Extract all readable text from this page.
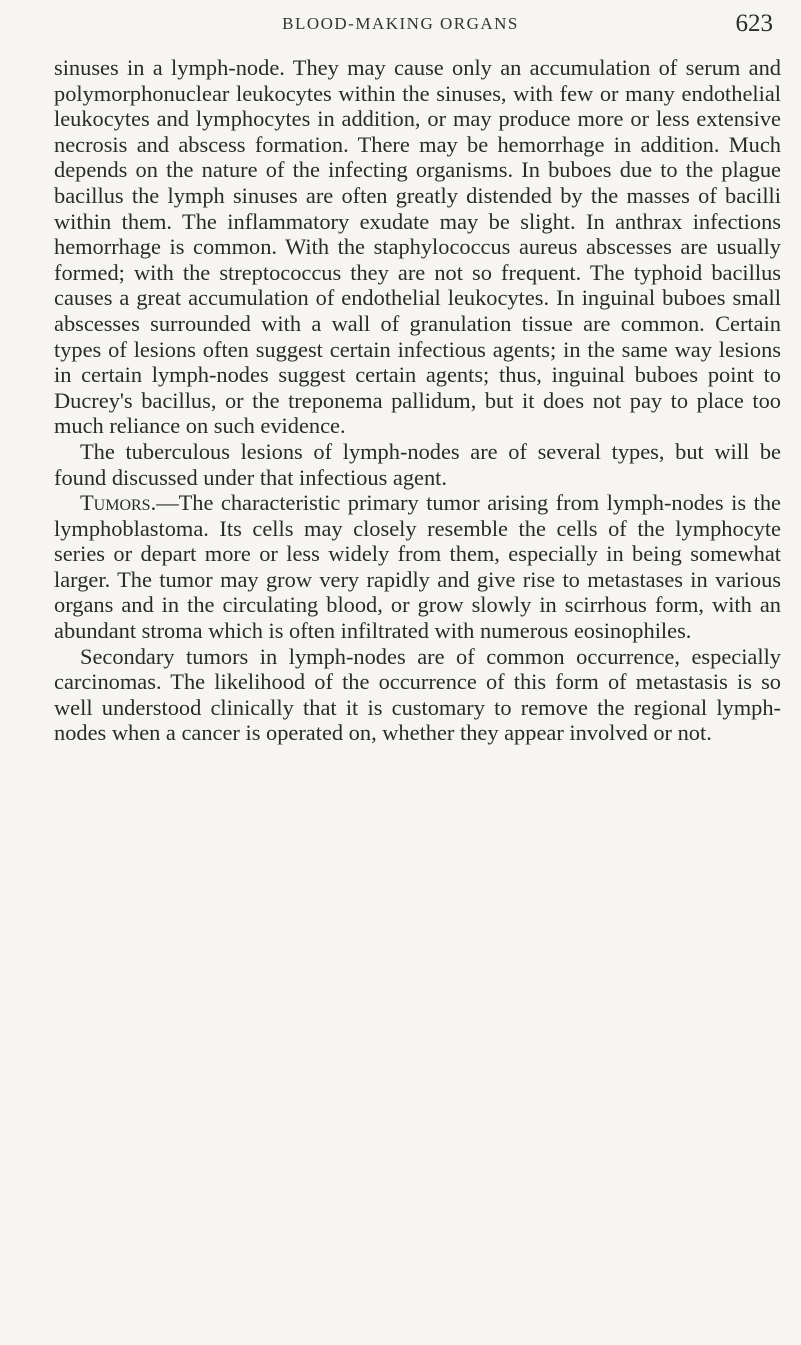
BLOOD-MAKING ORGANS	623

sinuses in a lymph-node. They may cause only an accumulation of serum and polymorphonuclear leukocytes within the sinuses, with few or many endothelial leukocytes and lymphocytes in addition, or may produce more or less extensive necrosis and abscess formation. There may be hemorrhage in addition. Much depends on the nature of the infecting organisms. In buboes due to the plague bacillus the lymph sinuses are often greatly distended by the masses of bacilli within them. The inflammatory exudate may be slight. In anthrax infections hemorrhage is common. With the staphylococcus aureus abscesses are usually formed; with the streptococcus they are not so frequent. The typhoid bacillus causes a great accumulation of endothelial leukocytes. In inguinal buboes small abscesses surrounded with a wall of granulation tissue are common. Certain types of lesions often suggest certain infectious agents; in the same way lesions in certain lymph-nodes suggest certain agents; thus, inguinal buboes point to Ducrey's bacillus, or the treponema pallidum, but it does not pay to place too much reliance on such evidence.

The tuberculous lesions of lymph-nodes are of several types, but will be found discussed under that infectious agent.

Tumors.—The characteristic primary tumor arising from lymph-nodes is the lymphoblastoma. Its cells may closely resemble the cells of the lymphocyte series or depart more or less widely from them, especially in being somewhat larger. The tumor may grow very rapidly and give rise to metastases in various organs and in the circulating blood, or grow slowly in scirrhous form, with an abundant stroma which is often infiltrated with numerous eosinophiles.

Secondary tumors in lymph-nodes are of common occurrence, especially carcinomas. The likelihood of the occurrence of this form of metastasis is so well understood clinically that it is customary to remove the regional lymph-nodes when a cancer is operated on, whether they appear involved or not.
